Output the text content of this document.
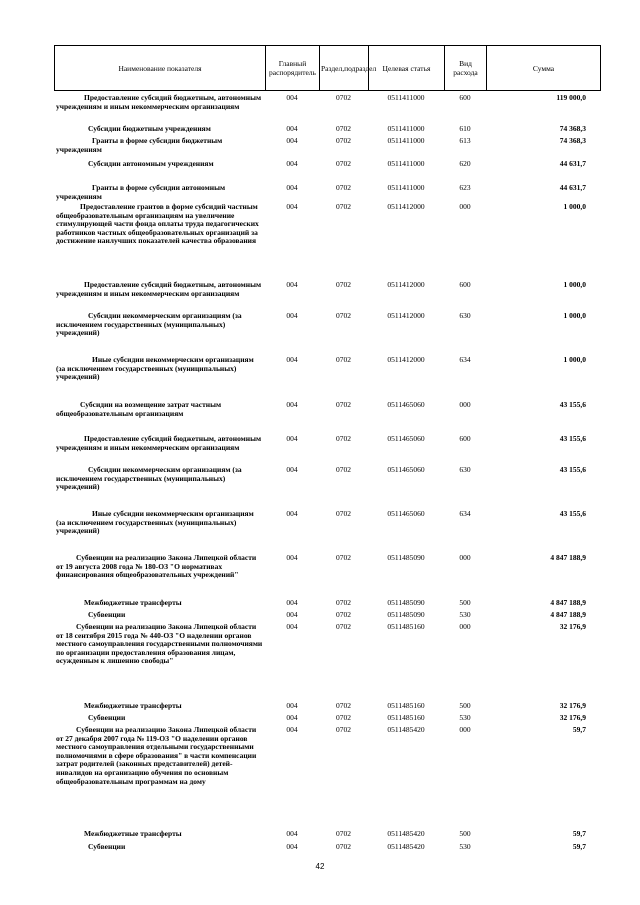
Наименование показателя	Главный распорядитель	Раздел,подраздел	Целевая статья	Вид расхода	Сумма
Предоставление субсидий бюджетным, автономным учреждениям и иным некоммерческим организациям
004	0702	0511411000	600	119 000,0
Субсидии бюджетным учреждениям	004	0702	0511411000	610	74 368,3
Гранты в форме субсидии бюджетным учреждениям
004	0702	0511411000	613	74 368,3
Субсидии автономным учреждениям	004	0702	0511411000	620	44 631,7
Гранты в форме субсидии автономным учреждениям
004	0702	0511411000	623	44 631,7
Предоставление грантов в форме субсидий частным общеобразовательным организациям на увеличение стимулирующей части фонда оплаты труда педагогических работников частных общеобразовательных организаций за достижение наилучших показателей качества образования
004	0702	0511412000	000	1 000,0
Предоставление субсидий бюджетным, автономным учреждениям и иным некоммерческим организациям
004	0702	0511412000	600	1 000,0
Субсидии некоммерческим организациям (за исключением государственных (муниципальных) учреждений)
004	0702	0511412000	630	1 000,0
Иные субсидии некоммерческим организациям (за исключением государственных (муниципальных) учреждений)
004	0702	0511412000	634	1 000,0
Субсидии на возмещение затрат частным общеобразовательным организациям
004	0702	0511465060	000	43 155,6
Предоставление субсидий бюджетным, автономным учреждениям и иным некоммерческим организациям
004	0702	0511465060	600	43 155,6
Субсидии некоммерческим организациям (за исключением государственных (муниципальных) учреждений)
004	0702	0511465060	630	43 155,6
Иные субсидии некоммерческим организациям (за исключением государственных (муниципальных) учреждений)
004	0702	0511465060	634	43 155,6
Субвенции на реализацию Закона Липецкой области от 19 августа 2008 года № 180-ОЗ "О нормативах финансирования общеобразовательных учреждений"
004	0702	0511485090	000	4 847 188,9
Межбюджетные трансферты	004	0702	0511485090	500	4 847 188,9
Субвенции	004	0702	0511485090	530	4 847 188,9
Субвенции на реализацию Закона Липецкой области от 18 сентября 2015 года № 440-ОЗ "О наделении органов местного самоуправления государственными полномочиями по организации предоставления образования лицам, осужденным к лишению свободы"
004	0702	0511485160	000	32 176,9
Межбюджетные трансферты	004	0702	0511485160	500	32 176,9
Субвенции	004	0702	0511485160	530	32 176,9
Субвенции на реализацию Закона Липецкой области от 27 декабря 2007 года № 119-ОЗ "О наделении органов местного самоуправления отдельными государственными полномочиями в сфере образования" в части компенсации затрат родителей (законных представителей) детей-инвалидов на организацию обучения по основным общеобразовательным программам на дому
004	0702	0511485420	000	59,7
Межбюджетные трансферты	004	0702	0511485420	500	59,7
Субвенции	004	0702	0511485420	530	59,7
42
